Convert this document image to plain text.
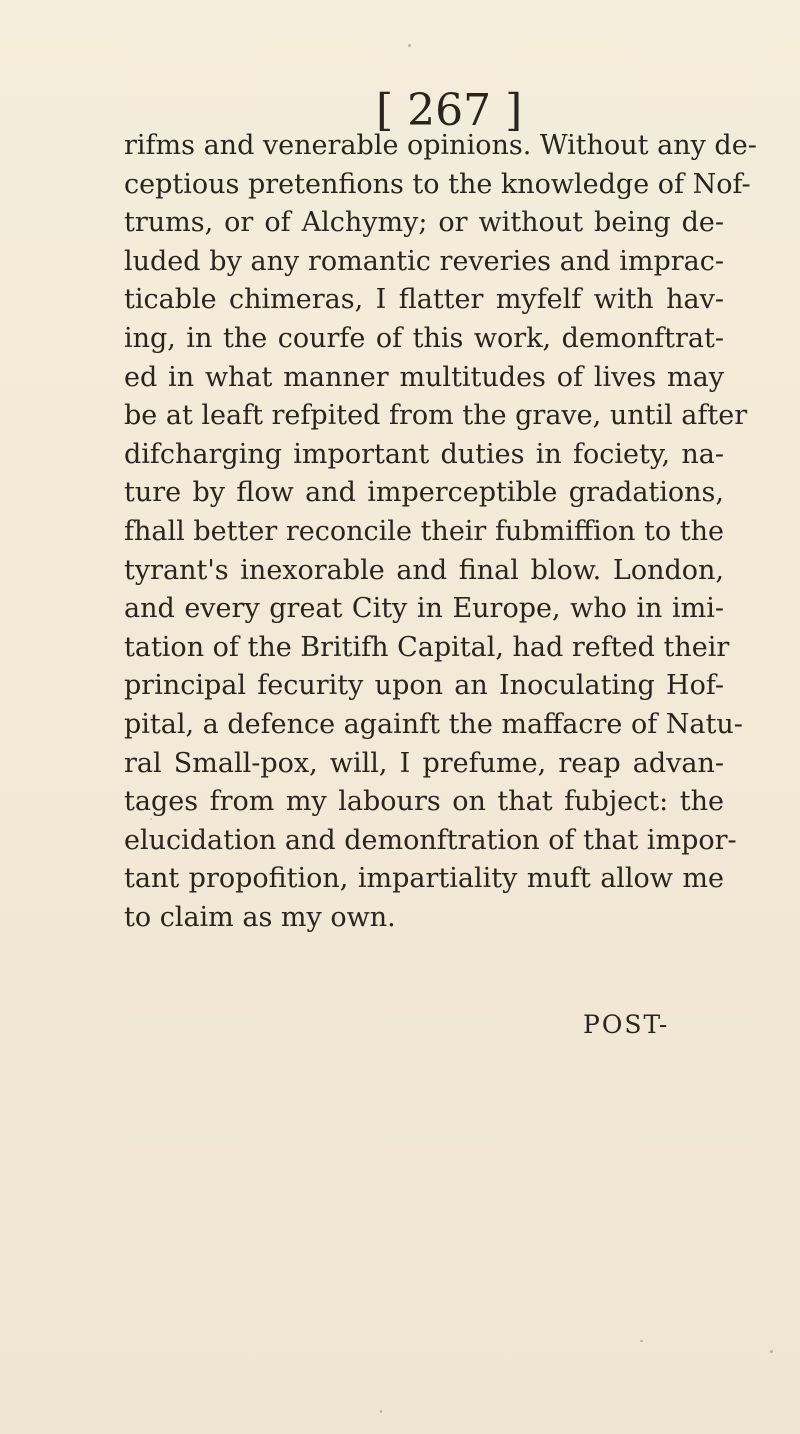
[ 267 ]
rifms and venerable opinions. Without any de-
ceptious pretenfions to the knowledge of Nof-
trums, or of Alchymy; or without being de-
luded by any romantic reveries and imprac-
ticable chimeras, I flatter myfelf with hav-
ing, in the courfe of this work, demonftrat-
ed in what manner multitudes of lives may
be at leaft refpited from the grave, until after
difcharging important duties in fociety, na-
ture by flow and imperceptible gradations,
fhall better reconcile their fubmiffion to the
tyrant's inexorable and final blow. London,
and every great City in Europe, who in imi-
tation of the Britifh Capital, had refted their
principal fecurity upon an Inoculating Hof-
pital, a defence againft the maffacre of Natu-
ral Small-pox, will, I prefume, reap advan-
tages from my labours on that fubject: the
elucidation and demonftration of that impor-
tant propofition, impartiality muft allow me
to claim as my own.
POST-
